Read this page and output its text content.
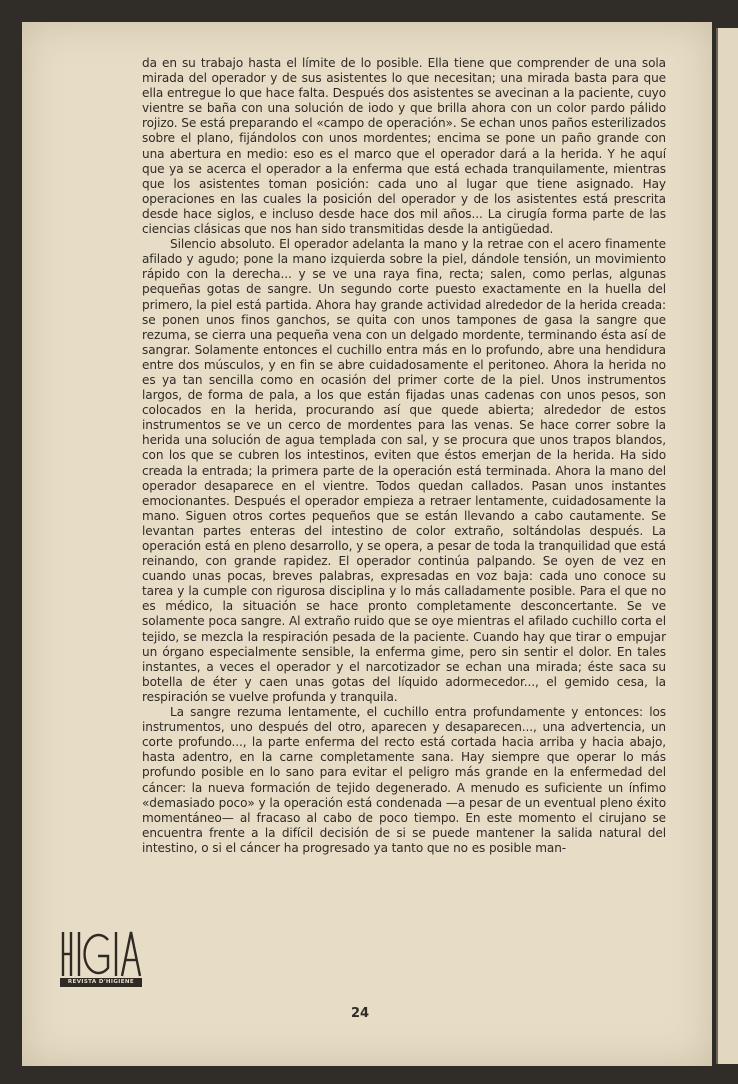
da en su trabajo hasta el límite de lo posible. Ella tiene que comprender de una sola mirada del operador y de sus asistentes lo que necesitan; una mirada basta para que ella entregue lo que hace falta. Después dos asistentes se avecinan a la paciente, cuyo vientre se baña con una solución de iodo y que brilla ahora con un color pardo pálido rojizo. Se está preparando el «campo de operación». Se echan unos paños esterilizados sobre el plano, fijándolos con unos mordentes; encima se pone un paño grande con una abertura en medio: eso es el marco que el operador dará a la herida. Y he aquí que ya se acerca el operador a la enferma que está echada tranquilamente, mientras que los asistentes toman posición: cada uno al lugar que tiene asignado. Hay operaciones en las cuales la posición del operador y de los asistentes está prescrita desde hace siglos, e incluso desde hace dos mil años... La cirugía forma parte de las ciencias clásicas que nos han sido transmitidas desde la antigüedad.

Silencio absoluto. El operador adelanta la mano y la retrae con el acero finamente afilado y agudo; pone la mano izquierda sobre la piel, dándole tensión, un movimiento rápido con la derecha... y se ve una raya fina, recta; salen, como perlas, algunas pequeñas gotas de sangre. Un segundo corte puesto exactamente en la huella del primero, la piel está partida. Ahora hay grande actividad alrededor de la herida creada: se ponen unos finos ganchos, se quita con unos tampones de gasa la sangre que rezuma, se cierra una pequeña vena con un delgado mordente, terminando ésta así de sangrar. Solamente entonces el cuchillo entra más en lo profundo, abre una hendidura entre dos músculos, y en fin se abre cuidadosamente el peritoneo. Ahora la herida no es ya tan sencilla como en ocasión del primer corte de la piel. Unos instrumentos largos, de forma de pala, a los que están fijadas unas cadenas con unos pesos, son colocados en la herida, procurando así que quede abierta; alrededor de estos instrumentos se ve un cerco de mordentes para las venas. Se hace correr sobre la herida una solución de agua templada con sal, y se procura que unos trapos blandos, con los que se cubren los intestinos, eviten que éstos emerjan de la herida. Ha sido creada la entrada; la primera parte de la operación está terminada. Ahora la mano del operador desaparece en el vientre. Todos quedan callados. Pasan unos instantes emocionantes. Después el operador empieza a retraer lentamente, cuidadosamente la mano. Siguen otros cortes pequeños que se están llevando a cabo cautamente. Se levantan partes enteras del intestino de color extraño, soltándolas después. La operación está en pleno desarrollo, y se opera, a pesar de toda la tranquilidad que está reinando, con grande rapidez. El operador continúa palpando. Se oyen de vez en cuando unas pocas, breves palabras, expresadas en voz baja: cada uno conoce su tarea y la cumple con rigurosa disciplina y lo más calladamente posible. Para el que no es médico, la situación se hace pronto completamente desconcertante. Se ve solamente poca sangre. Al extraño ruido que se oye mientras el afilado cuchillo corta el tejido, se mezcla la respiración pesada de la paciente. Cuando hay que tirar o empujar un órgano especialmente sensible, la enferma gime, pero sin sentir el dolor. En tales instantes, a veces el operador y el narcotizador se echan una mirada; éste saca su botella de éter y caen unas gotas del líquido adormecedor..., el gemido cesa, la respiración se vuelve profunda y tranquila.

La sangre rezuma lentamente, el cuchillo entra profundamente y entonces: los instrumentos, uno después del otro, aparecen y desaparecen..., una advertencia, un corte profundo..., la parte enferma del recto está cortada hacia arriba y hacia abajo, hasta adentro, en la carne completamente sana. Hay siempre que operar lo más profundo posible en lo sano para evitar el peligro más grande en la enfermedad del cáncer: la nueva formación de tejido degenerado. A menudo es suficiente un ínfimo «demasiado poco» y la operación está condenada —a pesar de un eventual pleno éxito momentáneo— al fracaso al cabo de poco tiempo. En este momento el cirujano se encuentra frente a la difícil decisión de si se puede mantener la salida natural del intestino, o si el cáncer ha progresado ya tanto que no es posible man-

REVISTA D'HIGIENE
24
